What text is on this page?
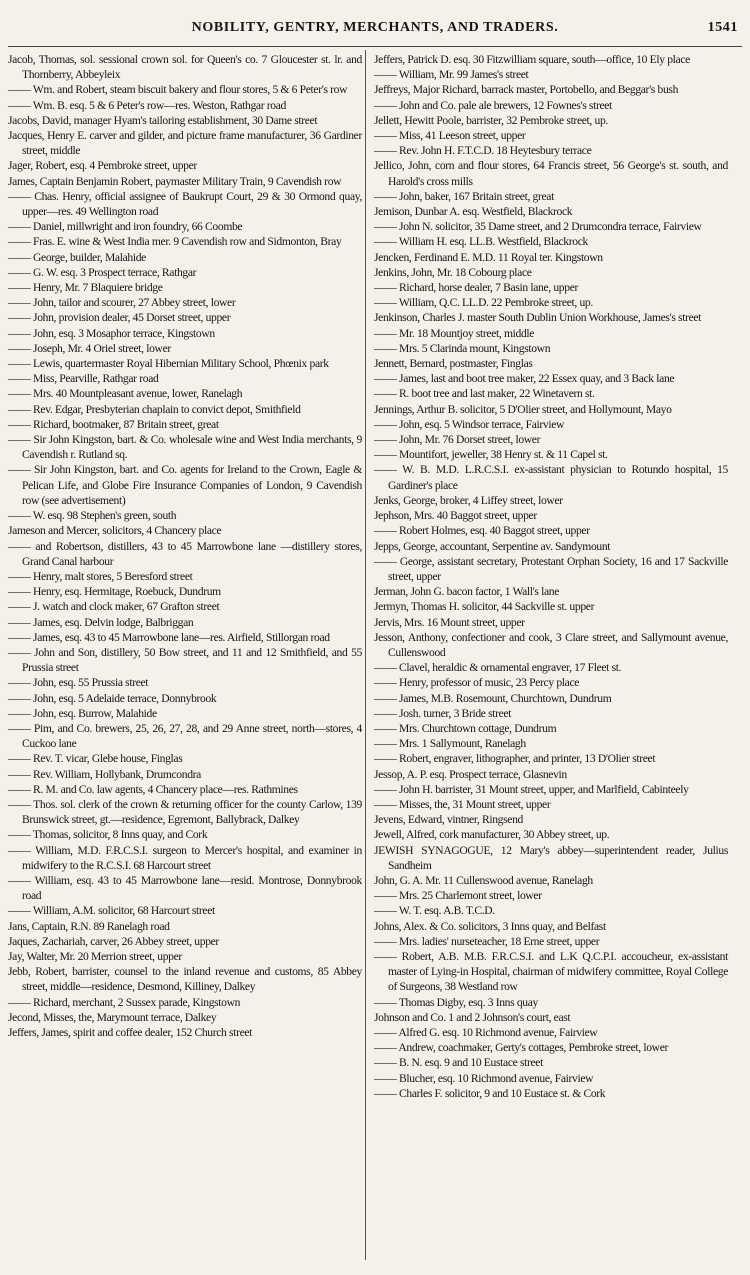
NOBILITY, GENTRY, MERCHANTS, AND TRADERS.	1541
Jacob, Thomas, sol. sessional crown sol. for Queen's co. 7 Gloucester st. lr. and Thornberry, Abbeyleix
—— Wm. and Robert, steam biscuit bakery and flour stores, 5 & 6 Peter's row
—— Wm. B. esq. 5 & 6 Peter's row—res. Weston, Rathgar road
Jacobs, David, manager Hyam's tailoring establishment, 30 Dame street
Jacques, Henry E. carver and gilder, and picture frame manufacturer, 36 Gardiner street, middle
Jager, Robert, esq. 4 Pembroke street, upper
James, Captain Benjamin Robert, paymaster Military Train, 9 Cavendish row
—— Chas. Henry, official assignee of Baukrupt Court, 29 & 30 Ormond quay, upper—res. 49 Wellington road
—— Daniel, millwright and iron foundry, 66 Coombe
—— Fras. E. wine & West India mer. 9 Cavendish row and Sidmonton, Bray
—— George, builder, Malahide
—— G. W. esq. 3 Prospect terrace, Rathgar
—— Henry, Mr. 7 Blaquiere bridge
—— John, tailor and scourer, 27 Abbey street, lower
—— John, provision dealer, 45 Dorset street, upper
—— John, esq. 3 Mosaphor terrace, Kingstown
—— Joseph, Mr. 4 Oriel street, lower
—— Lewis, quartermaster Royal Hibernian Military School, Phœnix park
—— Miss, Pearville, Rathgar road
—— Mrs. 40 Mountpleasant avenue, lower, Ranelagh
—— Rev. Edgar, Presbyterian chaplain to convict depot, Smithfield
—— Richard, bootmaker, 87 Britain street, great
—— Sir John Kingston, bart. & Co. wholesale wine and West India merchants, 9 Cavendish r. Rutland sq.
—— Sir John Kingston, bart. and Co. agents for Ireland to the Crown, Eagle & Pelican Life, and Globe Fire Insurance Companies of London, 9 Cavendish row (see advertisement)
—— W. esq. 98 Stephen's green, south
Jameson and Mercer, solicitors, 4 Chancery place
—— and Robertson, distillers, 43 to 45 Marrowbone lane —distillery stores, Grand Canal harbour
—— Henry, malt stores, 5 Beresford street
—— Henry, esq. Hermitage, Roebuck, Dundrum
—— J. watch and clock maker, 67 Grafton street
—— James, esq. Delvin lodge, Balbriggan
—— James, esq. 43 to 45 Marrowbone lane—res. Airfield, Stillorgan road
—— John and Son, distillery, 50 Bow street, and 11 and 12 Smithfield, and 55 Prussia street
—— John, esq. 55 Prussia street
—— John, esq. 5 Adelaide terrace, Donnybrook
—— John, esq. Burrow, Malahide
—— Pim, and Co. brewers, 25, 26, 27, 28, and 29 Anne street, north—stores, 4 Cuckoo lane
—— Rev. T. vicar, Glebe house, Finglas
—— Rev. William, Hollybank, Drumcondra
—— R. M. and Co. law agents, 4 Chancery place—res. Rathmines
—— Thos. sol. clerk of the crown & returning officer for the county Carlow, 139 Brunswick street, gt.—residence, Egremont, Ballybrack, Dalkey
—— Thomas, solicitor, 8 Inns quay, and Cork
—— William, M.D. F.R.C.S.I. surgeon to Mercer's hospital, and examiner in midwifery to the R.C.S.I. 68 Harcourt street
—— William, esq. 43 to 45 Marrowbone lane—resid. Montrose, Donnybrook road
—— William, A.M. solicitor, 68 Harcourt street
Jans, Captain, R.N. 89 Ranelagh road
Jaques, Zachariah, carver, 26 Abbey street, upper
Jay, Walter, Mr. 20 Merrion street, upper
Jebb, Robert, barrister, counsel to the inland revenue and customs, 85 Abbey street, middle—residence, Desmond, Killiney, Dalkey
—— Richard, merchant, 2 Sussex parade, Kingstown
Jecond, Misses, the, Marymount terrace, Dalkey
Jeffers, James, spirit and coffee dealer, 152 Church street
Jeffers, Patrick D. esq. 30 Fitzwilliam square, south—office, 10 Ely place
—— William, Mr. 99 James's street
Jeffreys, Major Richard, barrack master, Portobello, and Beggar's bush
—— John and Co. pale ale brewers, 12 Fownes's street
Jellett, Hewitt Poole, barrister, 32 Pembroke street, up.
—— Miss, 41 Leeson street, upper
—— Rev. John H. F.T.C.D. 18 Heytesbury terrace
Jellico, John, corn and flour stores, 64 Francis street, 56 George's st. south, and Harold's cross mills
—— John, baker, 167 Britain street, great
Jemison, Dunbar A. esq. Westfield, Blackrock
—— John N. solicitor, 35 Dame street, and 2 Drumcondra terrace, Fairview
—— William H. esq. LL.B. Westfield, Blackrock
Jencken, Ferdinand E. M.D. 11 Royal ter. Kingstown
Jenkins, John, Mr. 18 Cobourg place
—— Richard, horse dealer, 7 Basin lane, upper
—— William, Q.C. LL.D. 22 Pembroke street, up.
Jenkinson, Charles J. master South Dublin Union Workhouse, James's street
—— Mr. 18 Mountjoy street, middle
—— Mrs. 5 Clarinda mount, Kingstown
Jennett, Bernard, postmaster, Finglas
—— James, last and boot tree maker, 22 Essex quay, and 3 Back lane
—— R. boot tree and last maker, 22 Winetavern st.
Jennings, Arthur B. solicitor, 5 D'Olier street, and Hollymount, Mayo
—— John, esq. 5 Windsor terrace, Fairview
—— John, Mr. 76 Dorset street, lower
—— Mountifort, jeweller, 38 Henry st. & 11 Capel st.
—— W. B. M.D. L.R.C.S.I. ex-assistant physician to Rotundo hospital, 15 Gardiner's place
Jenks, George, broker, 4 Liffey street, lower
Jephson, Mrs. 40 Baggot street, upper
—— Robert Holmes, esq. 40 Baggot street, upper
Jepps, George, accountant, Serpentine av. Sandymount
—— George, assistant secretary, Protestant Orphan Society, 16 and 17 Sackville street, upper
Jerman, John G. bacon factor, 1 Wall's lane
Jermyn, Thomas H. solicitor, 44 Sackville st. upper
Jervis, Mrs. 16 Mount street, upper
Jesson, Anthony, confectioner and cook, 3 Clare street, and Sallymount avenue, Cullenswood
—— Clavel, heraldic & ornamental engraver, 17 Fleet st.
—— Henry, professor of music, 23 Percy place
—— James, M.B. Rosemount, Churchtown, Dundrum
—— Josh. turner, 3 Bride street
—— Mrs. Churchtown cottage, Dundrum
—— Mrs. 1 Sallymount, Ranelagh
—— Robert, engraver, lithographer, and printer, 13 D'Olier street
Jessop, A. P. esq. Prospect terrace, Glasnevin
—— John H. barrister, 31 Mount street, upper, and Marlfield, Cabinteely
—— Misses, the, 31 Mount street, upper
Jevens, Edward, vintner, Ringsend
Jewell, Alfred, cork manufacturer, 30 Abbey street, up.
JEWISH SYNAGOGUE, 12 Mary's abbey—superintendent reader, Julius Sandheim
John, G. A. Mr. 11 Cullenswood avenue, Ranelagh
—— Mrs. 25 Charlemont street, lower
—— W. T. esq. A.B. T.C.D.
Johns, Alex. & Co. solicitors, 3 Inns quay, and Belfast
—— Mrs. ladies' nurseteacher, 18 Erne street, upper
—— Robert, A.B. M.B. F.R.C.S.I. and L.K Q.C.P.I. accoucheur, ex-assistant master of Lying-in Hospital, chairman of midwifery committee, Royal College of Surgeons, 38 Westland row
—— Thomas Digby, esq. 3 Inns quay
Johnson and Co. 1 and 2 Johnson's court, east
—— Alfred G. esq. 10 Richmond avenue, Fairview
—— Andrew, coachmaker, Gerty's cottages, Pembroke street, lower
—— B. N. esq. 9 and 10 Eustace street
—— Blucher, esq. 10 Richmond avenue, Fairview
—— Charles F. solicitor, 9 and 10 Eustace st. & Cork
